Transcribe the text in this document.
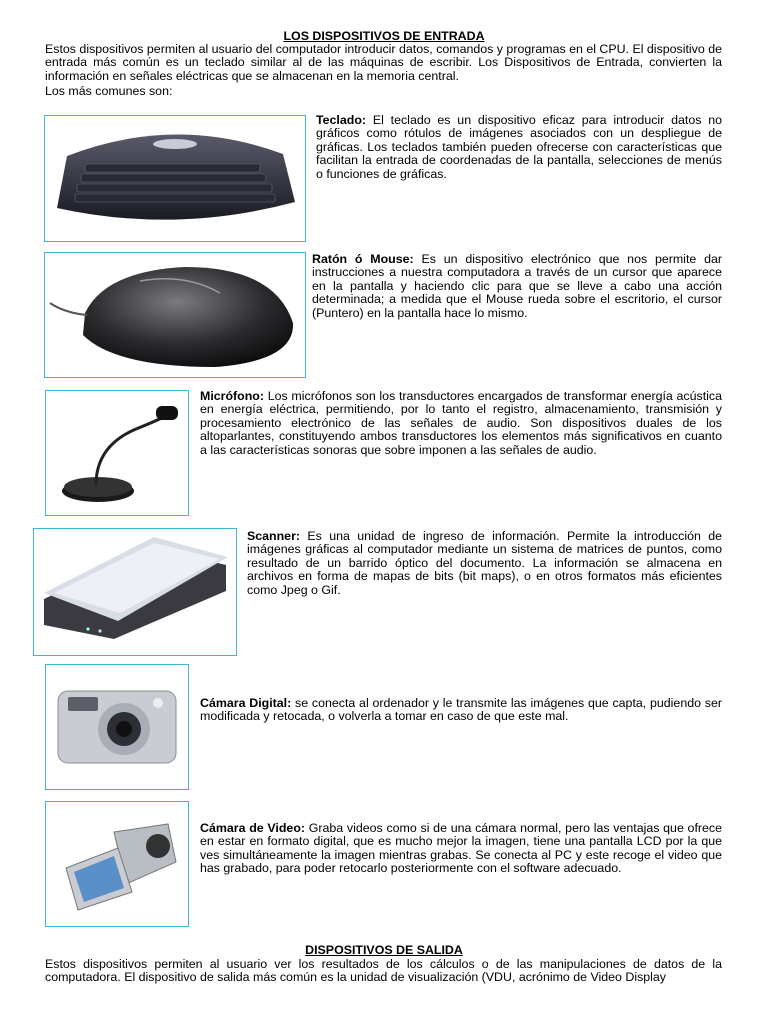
LOS DISPOSITIVOS DE ENTRADA
Estos dispositivos permiten al usuario del computador introducir datos, comandos y programas en el CPU. El dispositivo de entrada más común es un teclado similar al de las máquinas de escribir. Los Dispositivos de Entrada, convierten la información en señales eléctricas que se almacenan en la memoria central.
Los más comunes son:
Teclado: El teclado es un dispositivo eficaz para introducir datos no gráficos como rótulos de imágenes asociados con un despliegue de gráficas. Los teclados también pueden ofrecerse con características que facilitan la entrada de coordenadas de la pantalla, selecciones de menús o funciones de gráficas.
Ratón ó Mouse: Es un dispositivo electrónico que nos permite dar instrucciones a nuestra computadora a través de un cursor que aparece en la pantalla y haciendo clic para que se lleve a cabo una acción determinada; a medida que el Mouse rueda sobre el escritorio, el cursor (Puntero) en la pantalla hace lo mismo.
Micrófono: Los micrófonos son los transductores encargados de transformar energía acústica en energía eléctrica, permitiendo, por lo tanto el registro, almacenamiento, transmisión y procesamiento electrónico de las señales de audio. Son dispositivos duales de los altoparlantes, constituyendo ambos transductores los elementos más significativos en cuanto a las características sonoras que sobre imponen a las señales de audio.
Scanner: Es una unidad de ingreso de información. Permite la introducción de imágenes gráficas al computador mediante un sistema de matrices de puntos, como resultado de un barrido óptico del documento. La información se almacena en archivos en forma de mapas de bits (bit maps), o en otros formatos más eficientes como Jpeg o Gif.
Cámara Digital: se conecta al ordenador y le transmite las imágenes que capta, pudiendo ser modificada y retocada, o volverla a tomar en caso de que este mal.
Cámara de Video: Graba videos como si de una cámara normal, pero las ventajas que ofrece en estar en formato digital, que es mucho mejor la imagen, tiene una pantalla LCD por la que ves simultáneamente la imagen mientras grabas. Se conecta al PC y este recoge el video que has grabado, para poder retocarlo posteriormente con el software adecuado.
DISPOSITIVOS DE SALIDA
Estos dispositivos permiten al usuario ver los resultados de los cálculos o de las manipulaciones de datos de la computadora. El dispositivo de salida más común es la unidad de visualización (VDU, acrónimo de Video Display
